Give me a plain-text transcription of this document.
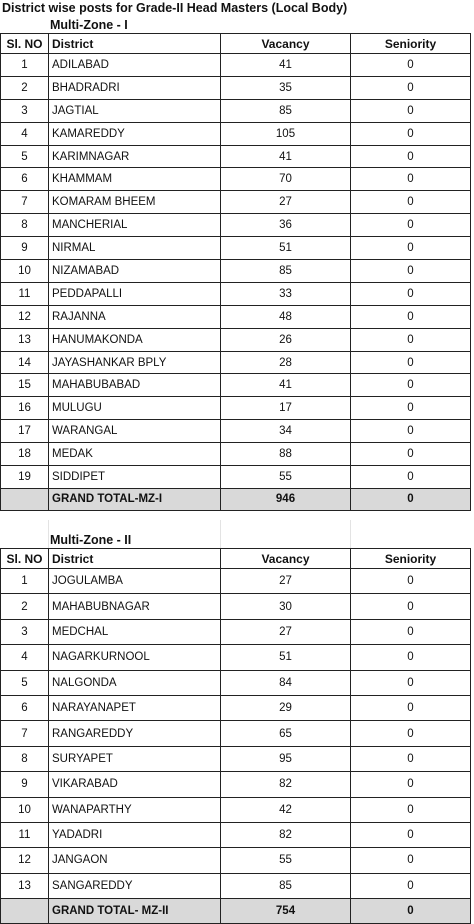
District wise posts for Grade-II Head Masters (Local Body)
Multi-Zone - I
Sl. NO	District	Vacancy	Seniority
1	ADILABAD	41	0
2	BHADRADRI	35	0
3	JAGTIAL	85	0
4	KAMAREDDY	105	0
5	KARIMNAGAR	41	0
6	KHAMMAM	70	0
7	KOMARAM BHEEM	27	0
8	MANCHERIAL	36	0
9	NIRMAL	51	0
10	NIZAMABAD	85	0
11	PEDDAPALLI	33	0
12	RAJANNA	48	0
13	HANUMAKONDA	26	0
14	JAYASHANKAR BPLY	28	0
15	MAHABUBABAD	41	0
16	MULUGU	17	0
17	WARANGAL	34	0
18	MEDAK	88	0
19	SIDDIPET	55	0
	GRAND TOTAL-MZ-I	946	0
Multi-Zone - II
Sl. NO	District	Vacancy	Seniority
1	JOGULAMBA	27	0
2	MAHABUBNAGAR	30	0
3	MEDCHAL	27	0
4	NAGARKURNOOL	51	0
5	NALGONDA	84	0
6	NARAYANAPET	29	0
7	RANGAREDDY	65	0
8	SURYAPET	95	0
9	VIKARABAD	82	0
10	WANAPARTHY	42	0
11	YADADRI	82	0
12	JANGAON	55	0
13	SANGAREDDY	85	0
	GRAND TOTAL- MZ-II	754	0
